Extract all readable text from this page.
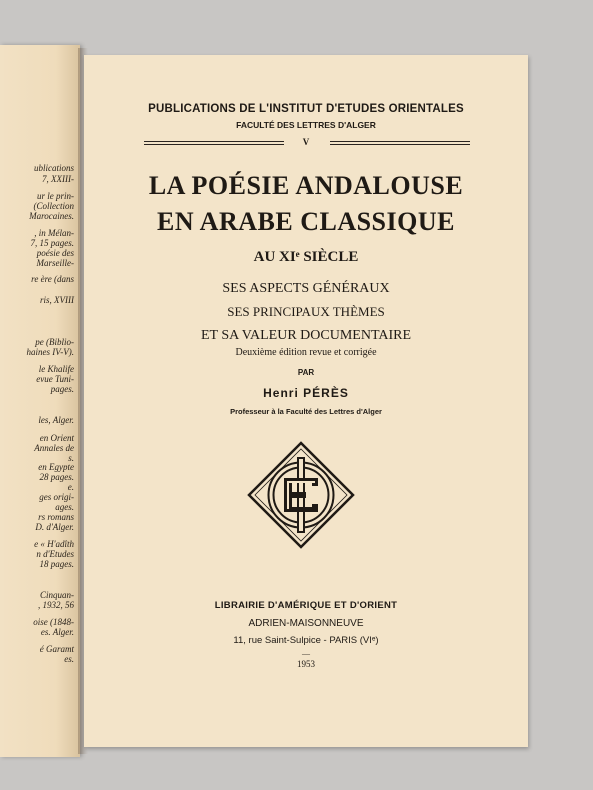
ublications
7, XXIII-
ur le prin-
(Collection
Marocaines.
, in Mélan-
7, 15 pages.
poésie des
Marseille-
re ère (dans
ris, XVIII
pe (Biblio-
haines IV-V).
le Khalife
evue Tuni-
pages.
les, Alger.
en Orient
Annales de
s.
en Egypte
28 pages.
e.
ges origi-
ages.
rs romans
D. d'Alger.
e « H'adîth
n d'Etudes
18 pages.
Cinquan-
, 1932, 56
oise (1848-
es. Alger.
é Garamt
es.
PUBLICATIONS DE L'INSTITUT D'ETUDES ORIENTALES
FACULTÉ DES LETTRES D'ALGER
V
LA POÉSIE ANDALOUSE
EN ARABE CLASSIQUE
AU XIᵉ SIÈCLE
SES ASPECTS GÉNÉRAUX
SES PRINCIPAUX THÈMES
ET SA VALEUR DOCUMENTAIRE
Deuxième édition revue et corrigée
PAR
Henri PÉRÈS
Professeur à la Faculté des Lettres d'Alger
LIBRAIRIE D'AMÉRIQUE ET D'ORIENT
ADRIEN-MAISONNEUVE
11, rue Saint-Sulpice - PARIS (VIᵉ)
—
1953
